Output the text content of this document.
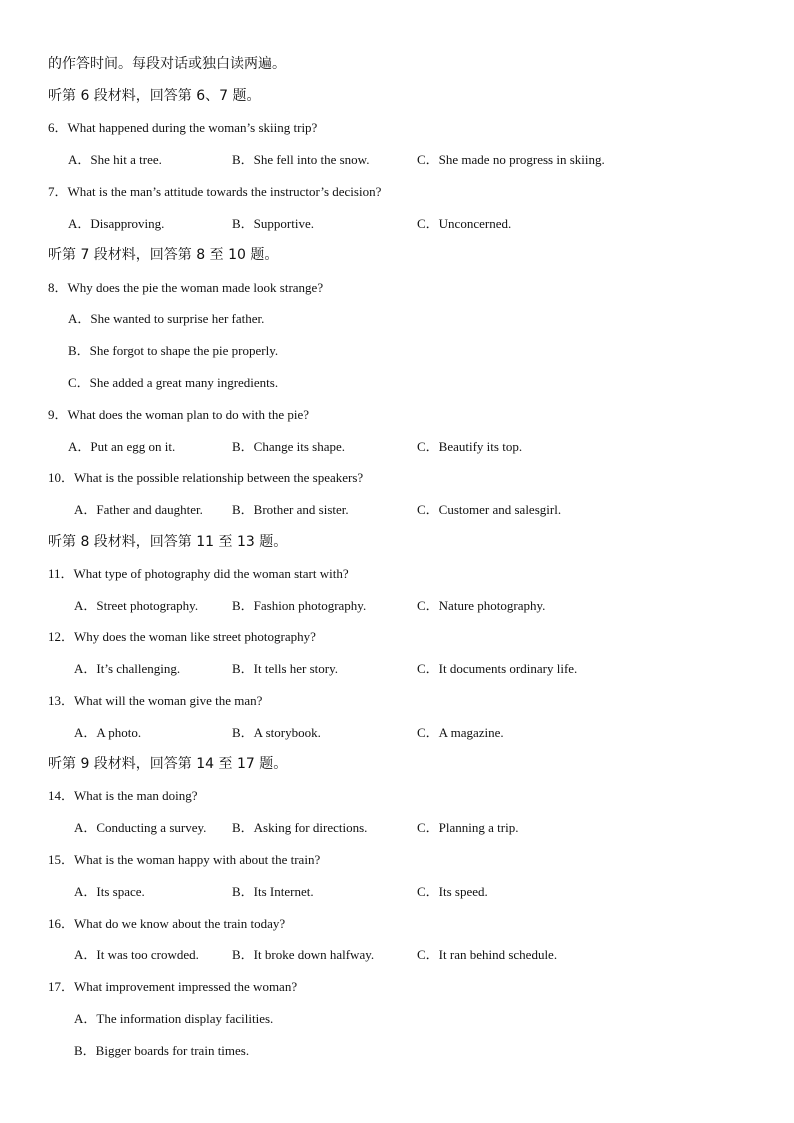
的作答时间。每段对话或独白读两遍。
听第 6 段材料，回答第 6、7 题。
6．What happened during the woman’s skiing trip?
A．She hit a tree.	B．She fell into the snow.	C．She made no progress in skiing.
7．What is the man’s attitude towards the instructor’s decision?
A．Disapproving.	B．Supportive.	C．Unconcerned.
听第 7 段材料，回答第 8 至 10 题。
8．Why does the pie the woman made look strange?
A．She wanted to surprise her father.
B．She forgot to shape the pie properly.
C．She added a great many ingredients.
9．What does the woman plan to do with the pie?
A．Put an egg on it.	B．Change its shape.	C．Beautify its top.
10．What is the possible relationship between the speakers?
A．Father and daughter. B．Brother and sister.	C．Customer and salesgirl.
听第 8 段材料，回答第 11 至 13 题。
11．What type of photography did the woman start with?
A．Street photography.	B．Fashion photography.	C．Nature photography.
12．Why does the woman like street photography?
A．It’s challenging.	B．It tells her story.	C．It documents ordinary life.
13．What will the woman give the man?
A．A photo.	B．A storybook.	C．A magazine.
听第 9 段材料，回答第 14 至 17 题。
14．What is the man doing?
A．Conducting a survey. B．Asking for directions.	C．Planning a trip.
15．What is the woman happy with about the train?
A．Its space.	B．Its Internet.	C．Its speed.
16．What do we know about the train today?
A．It was too crowded.	B．It broke down halfway.	C．It ran behind schedule.
17．What improvement impressed the woman?
A．The information display facilities.
B．Bigger boards for train times.
